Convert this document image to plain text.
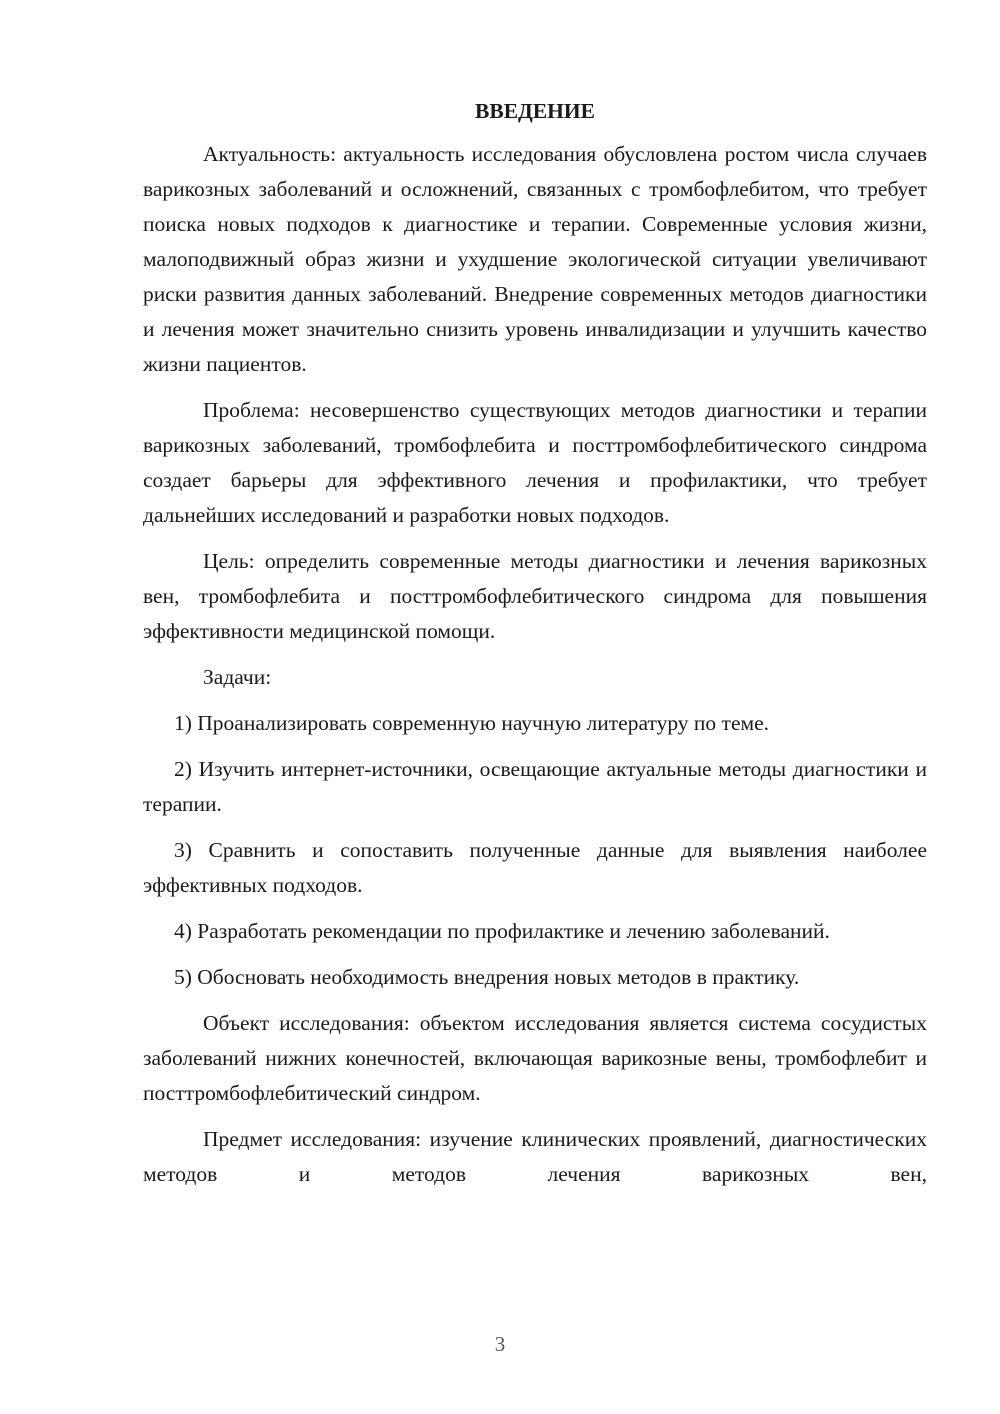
ВВЕДЕНИЕ

Актуальность: актуальность исследования обусловлена ростом числа случаев варикозных заболеваний и осложнений, связанных с тромбофлебитом, что требует поиска новых подходов к диагностике и терапии. Современные условия жизни, малоподвижный образ жизни и ухудшение экологической ситуации увеличивают риски развития данных заболеваний. Внедрение современных методов диагностики и лечения может значительно снизить уровень инвалидизации и улучшить качество жизни пациентов.

Проблема: несовершенство существующих методов диагностики и терапии варикозных заболеваний, тромбофлебита и посттромбофлебитического синдрома создает барьеры для эффективного лечения и профилактики, что требует дальнейших исследований и разработки новых подходов.

Цель: определить современные методы диагностики и лечения варикозных вен, тромбофлебита и посттромбофлебитического синдрома для повышения эффективности медицинской помощи.

Задачи:

1) Проанализировать современную научную литературу по теме.

2) Изучить интернет-источники, освещающие актуальные методы диагностики и терапии.

3) Сравнить и сопоставить полученные данные для выявления наиболее эффективных подходов.

4) Разработать рекомендации по профилактике и лечению заболеваний.

5) Обосновать необходимость внедрения новых методов в практику.

Объект исследования: объектом исследования является система сосудистых заболеваний нижних конечностей, включающая варикозные вены, тромбофлебит и посттромбофлебитический синдром.

Предмет исследования: изучение клинических проявлений, диагностических методов и методов лечения варикозных вен,

3
